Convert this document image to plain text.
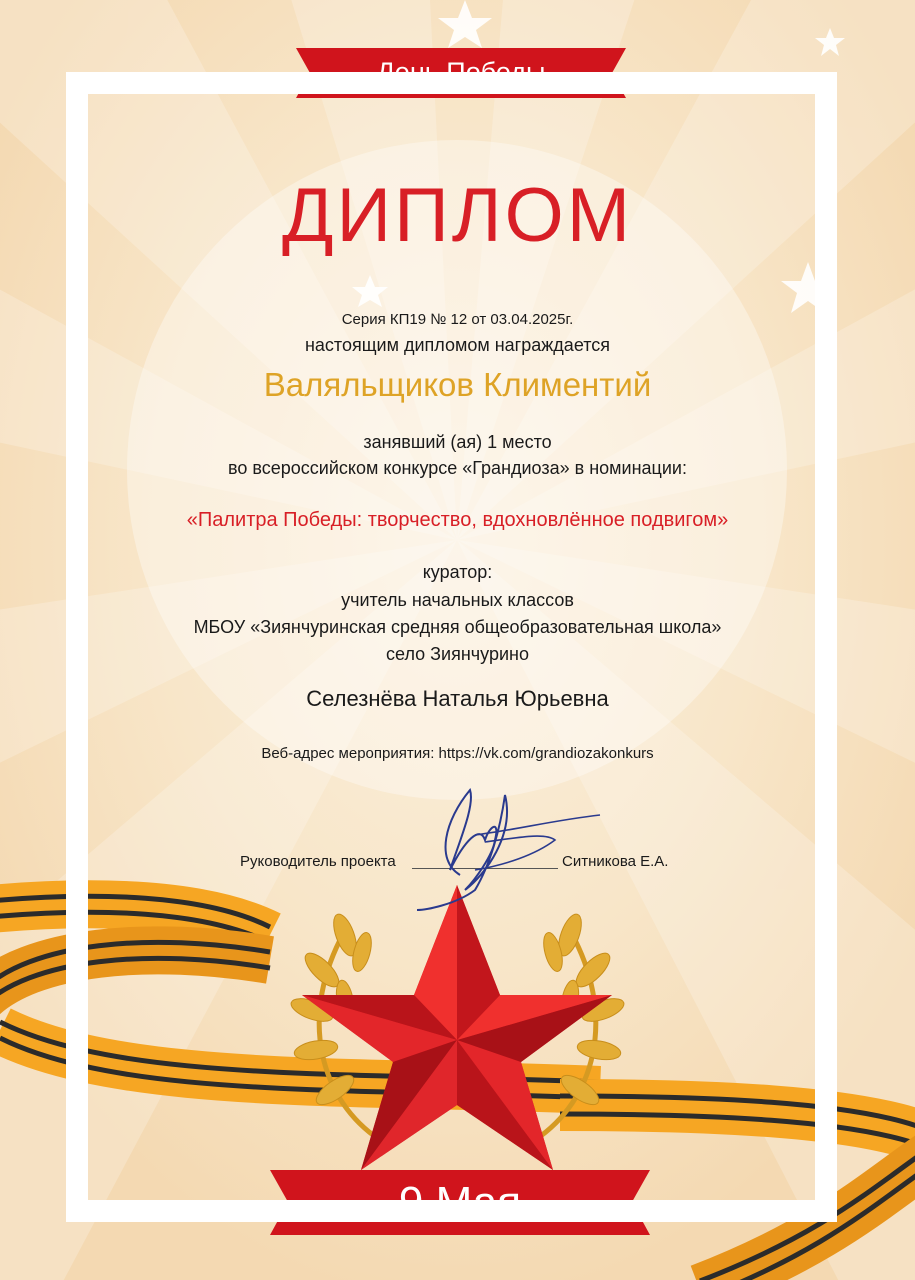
День Победы
ДИПЛОМ
Серия КП19 № 12 от 03.04.2025г.
настоящим дипломом награждается
Валяльщиков Климентий
занявший (ая) 1 место
во всероссийском конкурсе «Грандиоза» в номинации:
«Палитра Победы: творчество, вдохновлённое подвигом»
куратор:
учитель начальных классов
МБОУ «Зиянчуринская средняя общеобразовательная школа»
село Зиянчурино
Селезнёва Наталья Юрьевна
Веб-адрес мероприятия: https://vk.com/grandiozakonkurs
Руководитель проекта	Ситникова Е.А.
9 Мая
